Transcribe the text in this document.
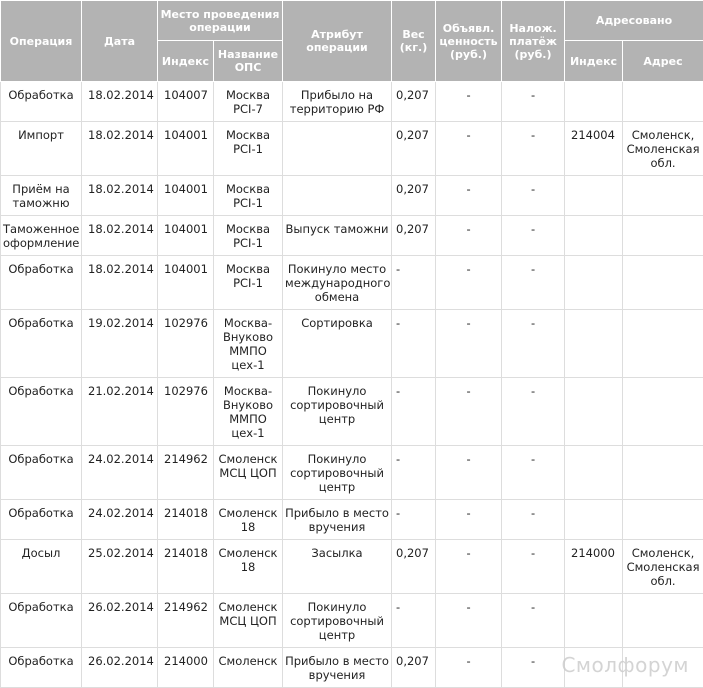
Операция	Дата	Место проведения операции		Атрибут операции	Вес (кг.)	Объявл. ценность (руб.)	Налож. платёж (руб.)	Адресовано	
		Индекс	Название ОПС					Индекс	Адрес
Обработка	18.02.2014	104007	Москва PCI-7	Прибыло на территорию РФ	0,207	-	-		
Импорт	18.02.2014	104001	Москва PCI-1		0,207	-	-	214004	Смоленск, Смоленская обл.
Приём на таможню	18.02.2014	104001	Москва PCI-1		0,207	-	-		
Таможенное оформление	18.02.2014	104001	Москва PCI-1	Выпуск таможни	0,207	-	-		
Обработка	18.02.2014	104001	Москва PCI-1	Покинуло место международного обмена	-	-	-		
Обработка	19.02.2014	102976	Москва-Внуково ММПО цех-1	Сортировка	-	-	-		
Обработка	21.02.2014	102976	Москва-Внуково ММПО цех-1	Покинуло сортировочный центр	-	-	-		
Обработка	24.02.2014	214962	Смоленск МСЦ ЦОП	Покинуло сортировочный центр	-	-	-		
Обработка	24.02.2014	214018	Смоленск 18	Прибыло в место вручения	-	-	-		
Досыл	25.02.2014	214018	Смоленск 18	Засылка	0,207	-	-	214000	Смоленск, Смоленская обл.
Обработка	26.02.2014	214962	Смоленск МСЦ ЦОП	Покинуло сортировочный центр	-	-	-		
Обработка	26.02.2014	214000	Смоленск	Прибыло в место вручения	0,207	-	-		Смолфорум
